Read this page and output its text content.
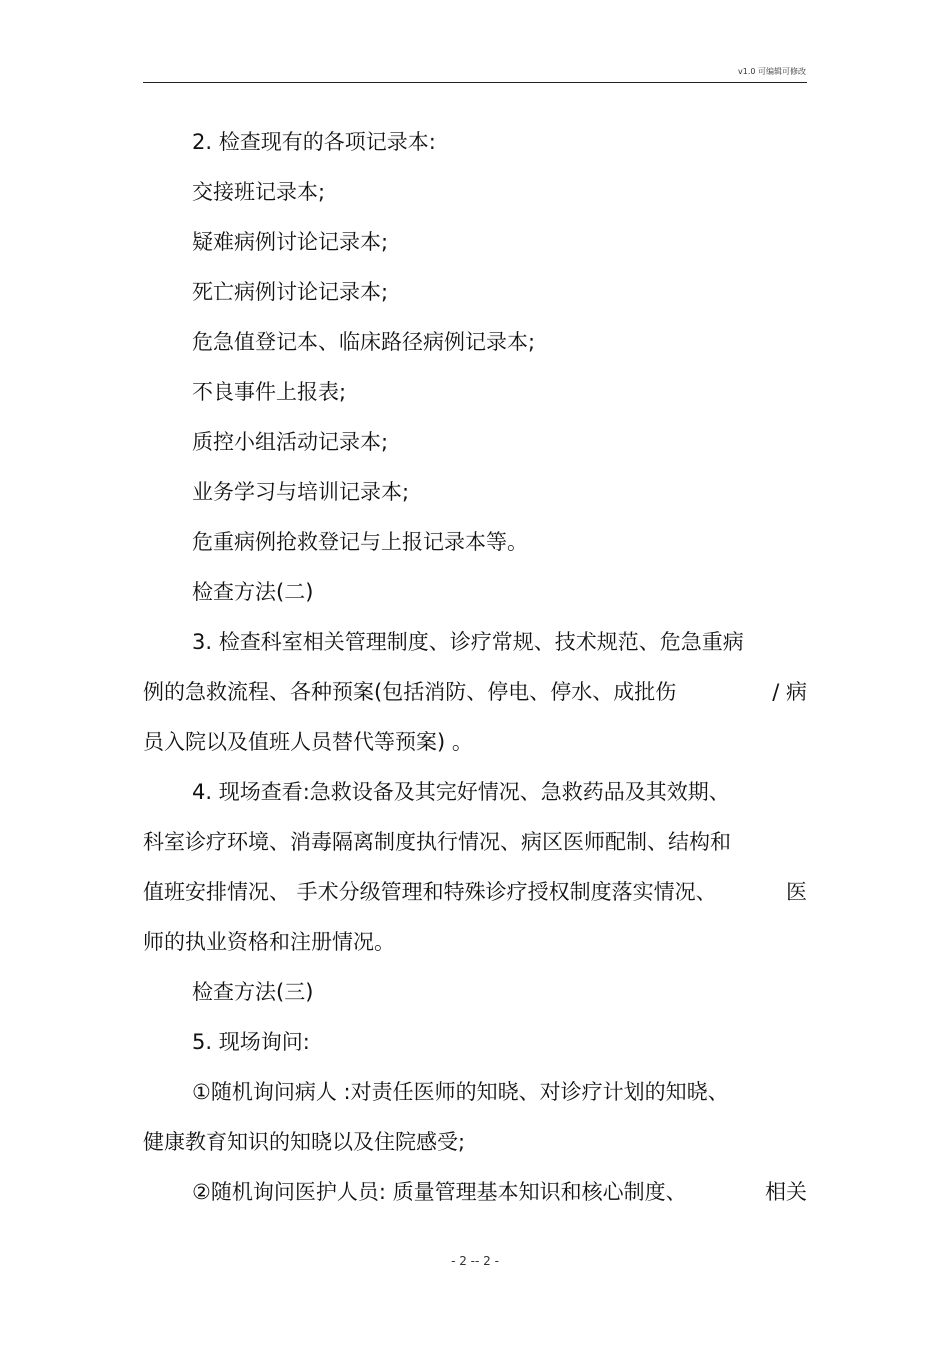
v1.0 可编辑可修改
2. 检查现有的各项记录本:
交接班记录本;
疑难病例讨论记录本;
死亡病例讨论记录本;
危急值登记本、临床路径病例记录本;
不良事件上报表;
质控小组活动记录本;
业务学习与培训记录本;
危重病例抢救登记与上报记录本等。
检查方法(二)
3. 检查科室相关管理制度、诊疗常规、技术规范、危急重病
例的急救流程、各种预案(包括消防、停电、停水、成批伤	/ 病
员入院以及值班人员替代等预案) 。
4. 现场查看:急救设备及其完好情况、急救药品及其效期、
科室诊疗环境、消毒隔离制度执行情况、病区医师配制、结构和
值班安排情况、 手术分级管理和特殊诊疗授权制度落实情况、	医
师的执业资格和注册情况。
检查方法(三)
5. 现场询问:
①随机询问病人 :对责任医师的知晓、对诊疗计划的知晓、
健康教育知识的知晓以及住院感受;
②随机询问医护人员: 质量管理基本知识和核心制度、	相关
- 2 -- 2 -
